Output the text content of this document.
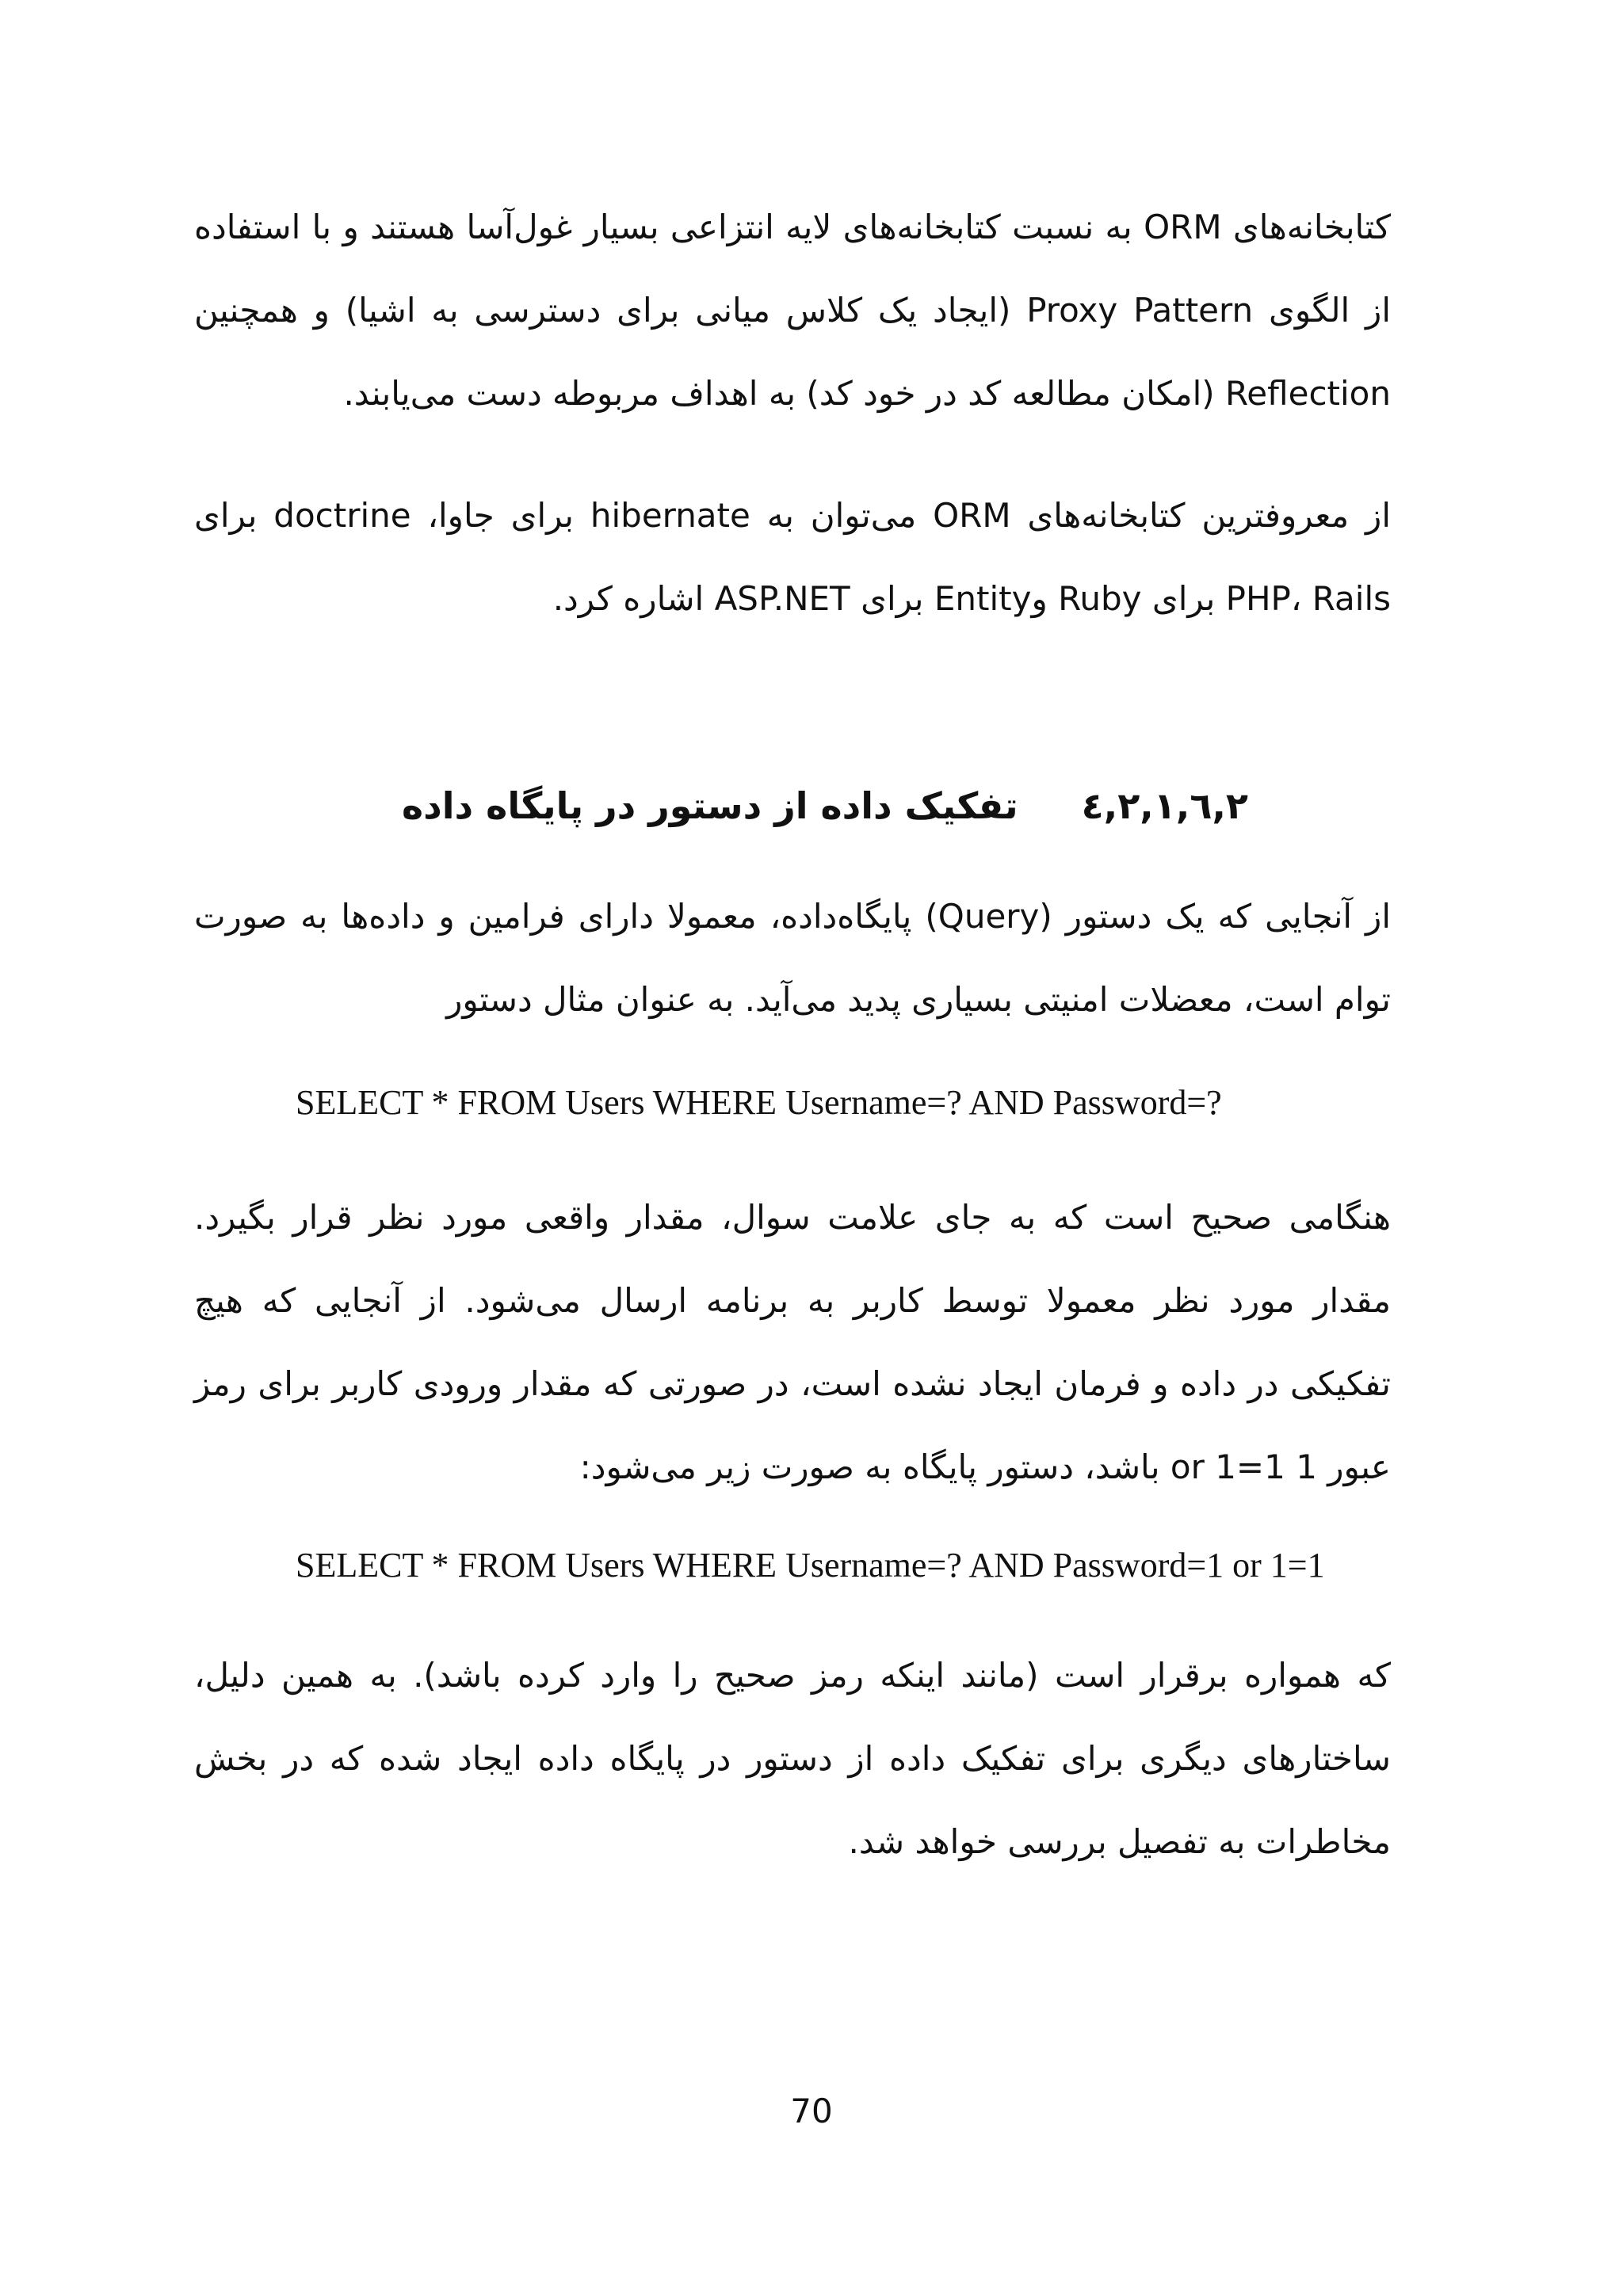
کتابخانه‌های ORM به نسبت کتابخانه‌های لایه انتزاعی بسیار غول‌آسا هستند و با استفاده از الگوی Proxy Pattern (ایجاد یک کلاس میانی برای دسترسی به اشیا) و همچنین Reflection (امکان مطالعه کد در خود کد) به اهداف مربوطه دست می‌یابند.

از معروفترین کتابخانه‌های ORM می‌توان به hibernate برای جاوا، doctrine برای PHP، Rails برای Ruby وEntity برای ASP.NET اشاره کرد.

۲,٦,۲,۱,٤تفکیک داده از دستور در پایگاه داده

از آنجایی که یک دستور (Query) پایگاه‌داده، معمولا دارای فرامین و داده‌ها به صورت توام است، معضلات امنیتی بسیاری پدید می‌آید. به عنوان مثال دستور

SELECT * FROM Users WHERE Username=? AND Password=?

هنگامی صحیح است که به جای علامت سوال، مقدار واقعی مورد نظر قرار بگیرد. مقدار مورد نظر معمولا توسط کاربر به برنامه ارسال می‌شود. از آنجایی که هیچ تفکیکی در داده و فرمان ایجاد نشده است، در صورتی که مقدار ورودی کاربر برای رمز عبور 1 or 1=1 باشد، دستور پایگاه به صورت زیر می‌شود:

SELECT * FROM Users WHERE Username=? AND Password=1 or 1=1

که همواره برقرار است (مانند اینکه رمز صحیح را وارد کرده باشد). به همین دلیل، ساختارهای دیگری برای تفکیک داده از دستور در پایگاه داده ایجاد شده که در بخش مخاطرات به تفصیل بررسی خواهد شد.

70
